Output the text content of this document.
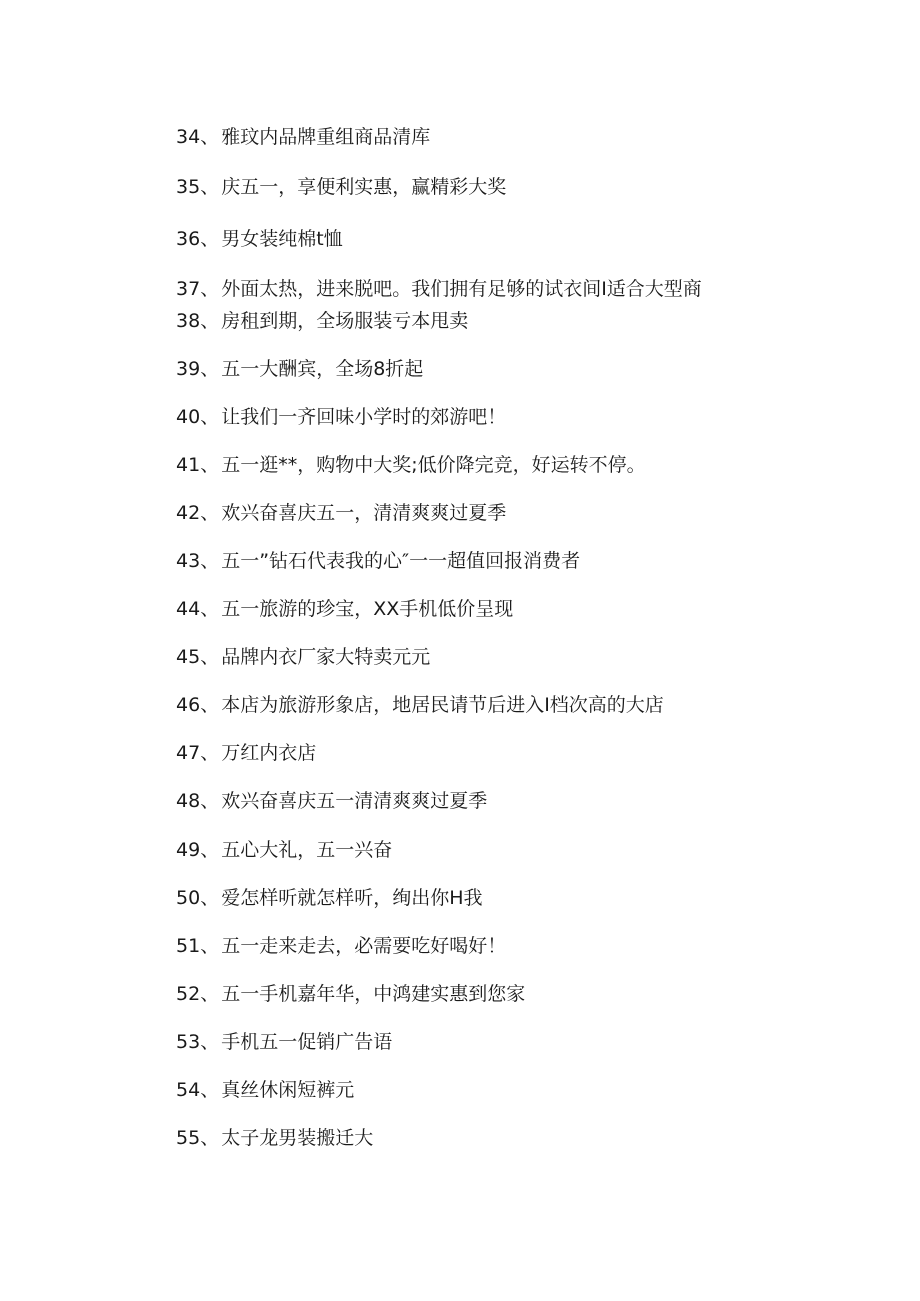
34、 雅玟内品牌重组商品清库
35、 庆五一，享便利实惠，赢精彩大奖
36、 男女装纯棉t恤
37、 外面太热，进来脱吧。我们拥有足够的试衣间I适合大型商
38、 房租到期，全场服装亏本甩卖
39、 五一大酬宾，全场8折起
40、 让我们一齐回味小学时的郊游吧！
41、 五一逛**，购物中大奖;低价降完竞，好运转不停。
42、 欢兴奋喜庆五一，清清爽爽过夏季
43、 五一”钻石代表我的心″一一超值回报消费者
44、 五一旅游的珍宝，XX手机低价呈现
45、 品牌内衣厂家大特卖元元
46、 本店为旅游形象店，地居民请节后进入I档次高的大店
47、 万红内衣店
48、 欢兴奋喜庆五一清清爽爽过夏季
49、 五心大礼，五一兴奋
50、 爱怎样听就怎样听，绚出你H我
51、 五一走来走去，必需要吃好喝好！
52、 五一手机嘉年华，中鸿建实惠到您家
53、 手机五一促销广告语
54、 真丝休闲短裤元
55、 太子龙男装搬迁大
